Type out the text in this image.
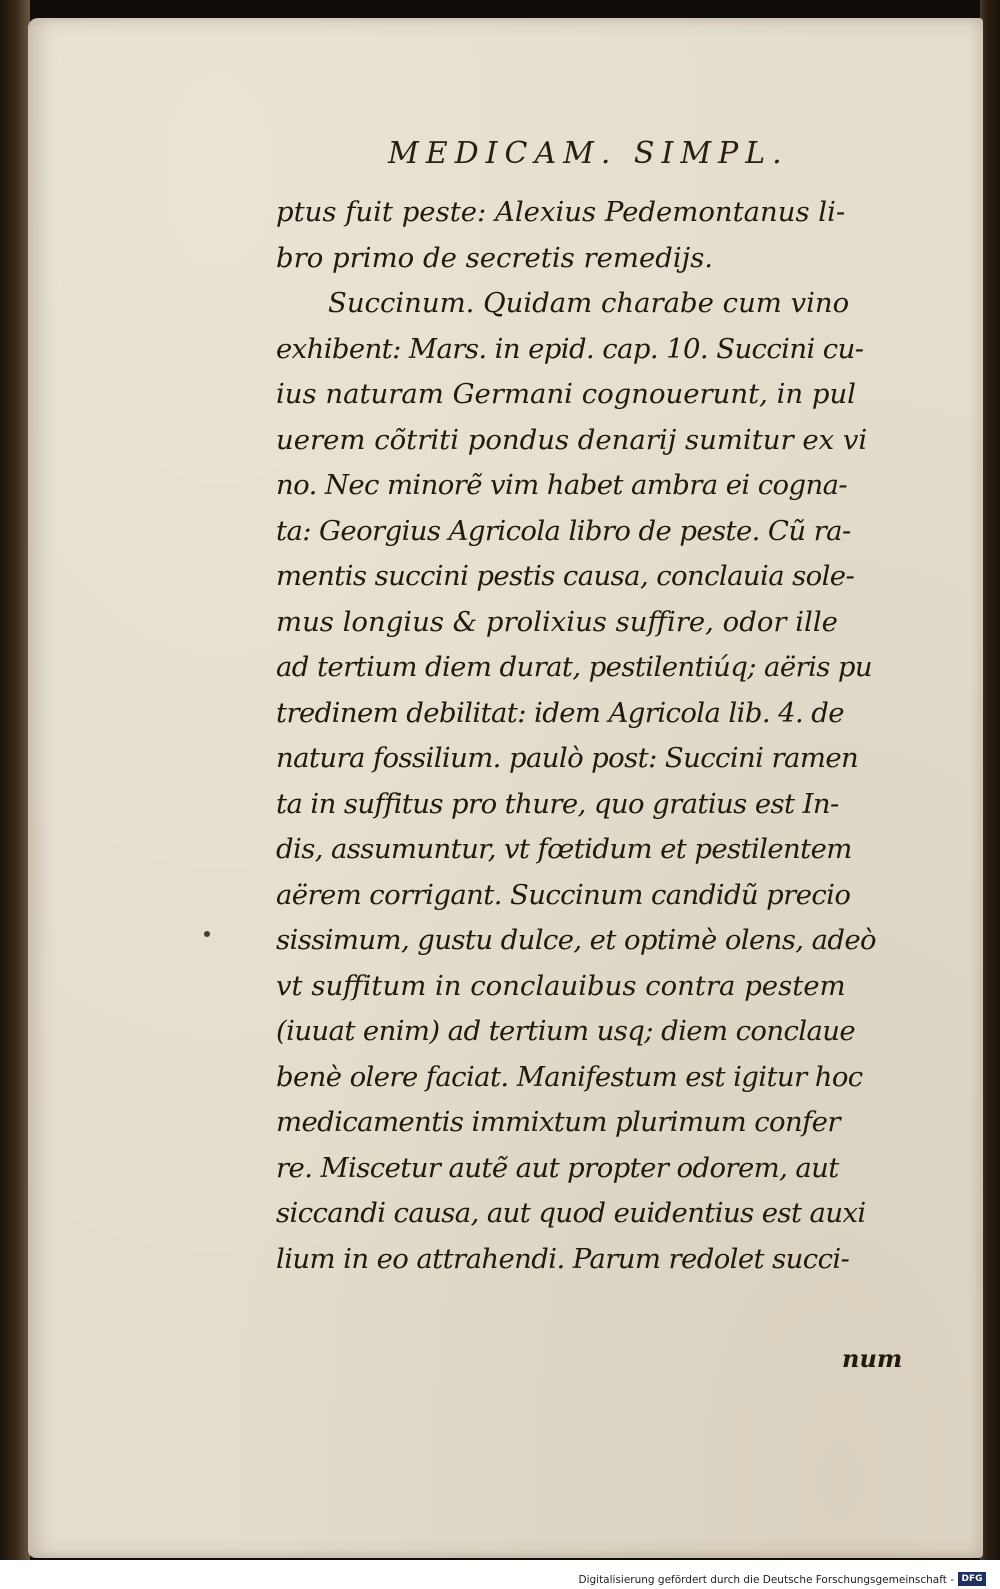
MEDICAM. SIMPL.
ptus fuit peste: Alexius Pedemontanus li-
bro primo de secretis remedijs.
Succinum. Quidam charabe cum vino
exhibent: Mars. in epid. cap. 10. Succini cu-
ius naturam Germani cognouerunt, in pul
uerem cõtriti pondus denarij sumitur ex vi
no. Nec minorẽ vim habet ambra ei cogna-
ta: Georgius Agricola libro de peste. Cũ ra-
mentis succini pestis causa, conclauia sole-
mus longius & prolixius suffire, odor ille
ad tertium diem durat, pestilentiúq; aëris pu
tredinem debilitat: idem Agricola lib. 4. de
natura fossilium. paulò post: Succini ramen
ta in suffitus pro thure, quo gratius est In-
dis, assumuntur, vt fœtidum et pestilentem
aërem corrigant. Succinum candidũ precio
sissimum, gustu dulce, et optimè olens, adeò
vt suffitum in conclauibus contra pestem
(iuuat enim) ad tertium usq; diem conclaue
benè olere faciat. Manifestum est igitur hoc
medicamentis immixtum plurimum confer
re. Miscetur autẽ aut propter odorem, aut
siccandi causa, aut quod euidentius est auxi
lium in eo attrahendi. Parum redolet succi-
num
Digitalisierung gefördert durch die Deutsche Forschungsgemeinschaft - DFG
